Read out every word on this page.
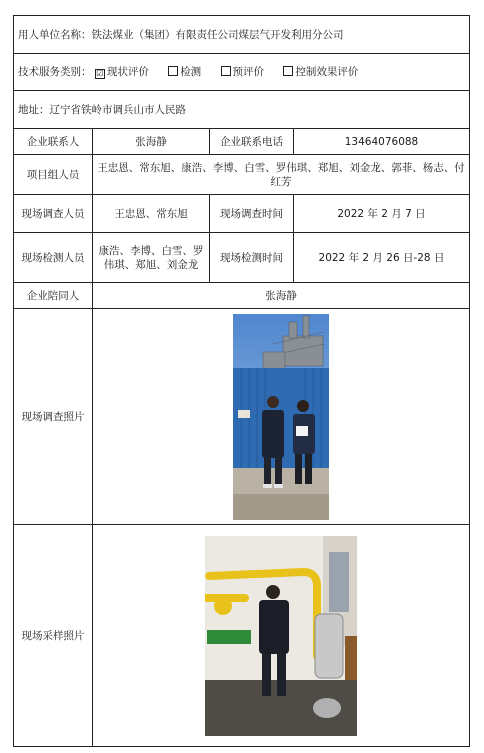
用人单位名称：铁法煤业（集团）有限责任公司煤层气开发利用分公司			
技术服务类别： ☑ 现状评价 检测 预评价 控制效果评价			
地址：辽宁省铁岭市调兵山市人民路			
企业联系人	张海静	企业联系电话	13464076088
项目组人员	王忠恩、常东旭、康浩、李博、白雪、罗伟琪、郑旭、刘金龙、郭菲、杨志、付红芳		
现场调查人员	王忠恩、常东旭	现场调查时间	2022 年 2 月 7 日
现场检测人员	康浩、李博、白雪、罗伟琪、郑旭、刘金龙	现场检测时间	2022 年 2 月 26 日-28 日
企业陪同人	张海静		
现场调查照片	

现场采样照片	
